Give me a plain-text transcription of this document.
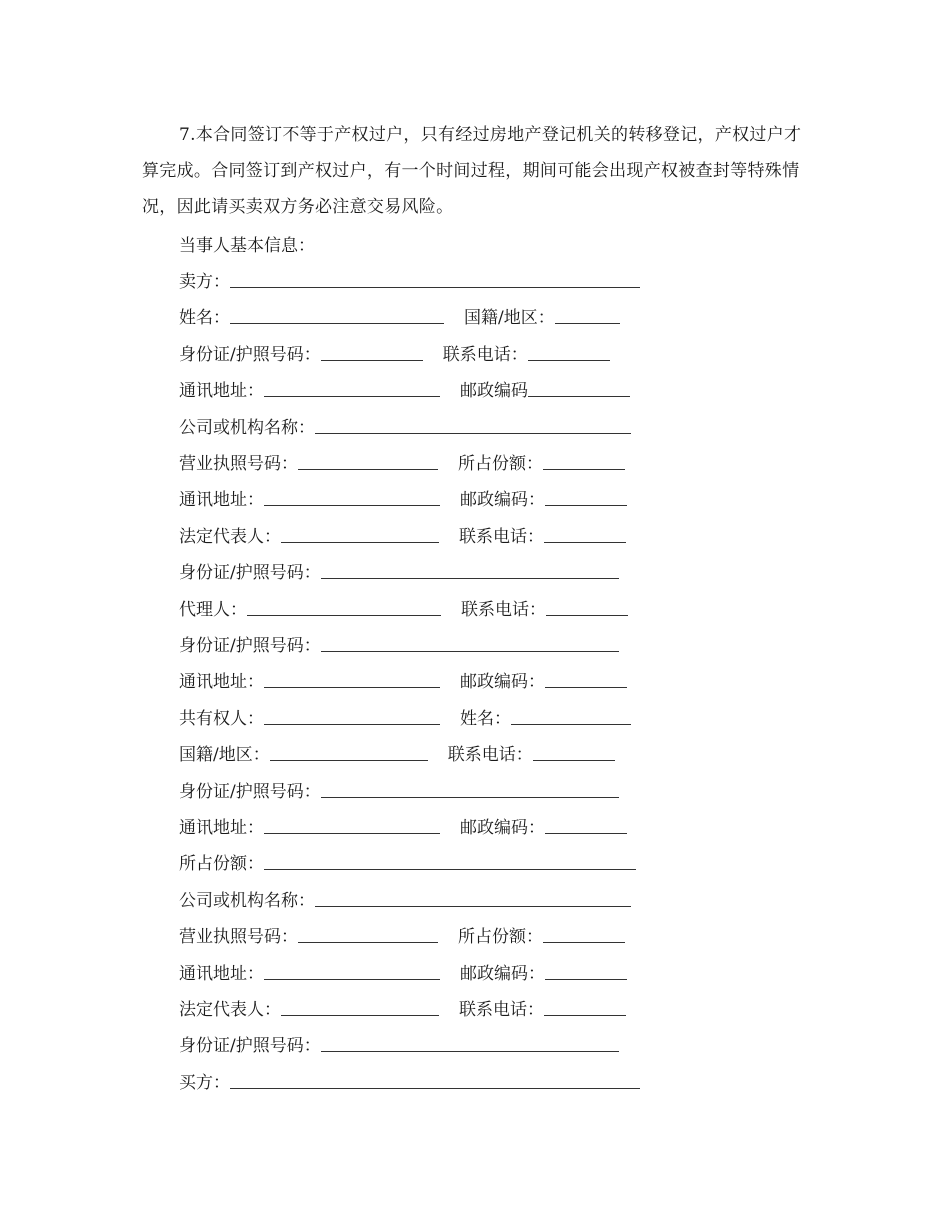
7.本合同签订不等于产权过户，只有经过房地产登记机关的转移登记，产权过户才算完成。合同签订到产权过户，有一个时间过程，期间可能会出现产权被查封等特殊情况，因此请买卖双方务必注意交易风险。
当事人基本信息：
卖方：
姓名：	国籍/地区：
身份证/护照号码：	联系电话：
通讯地址：	邮政编码
公司或机构名称：
营业执照号码：	所占份额：
通讯地址：	邮政编码：
法定代表人：	联系电话：
身份证/护照号码：
代理人：	联系电话：
身份证/护照号码：
通讯地址：	邮政编码：
共有权人：	姓名：
国籍/地区：	联系电话：
身份证/护照号码：
通讯地址：	邮政编码：
所占份额：
公司或机构名称：
营业执照号码：	所占份额：
通讯地址：	邮政编码：
法定代表人：	联系电话：
身份证/护照号码：
买方：
